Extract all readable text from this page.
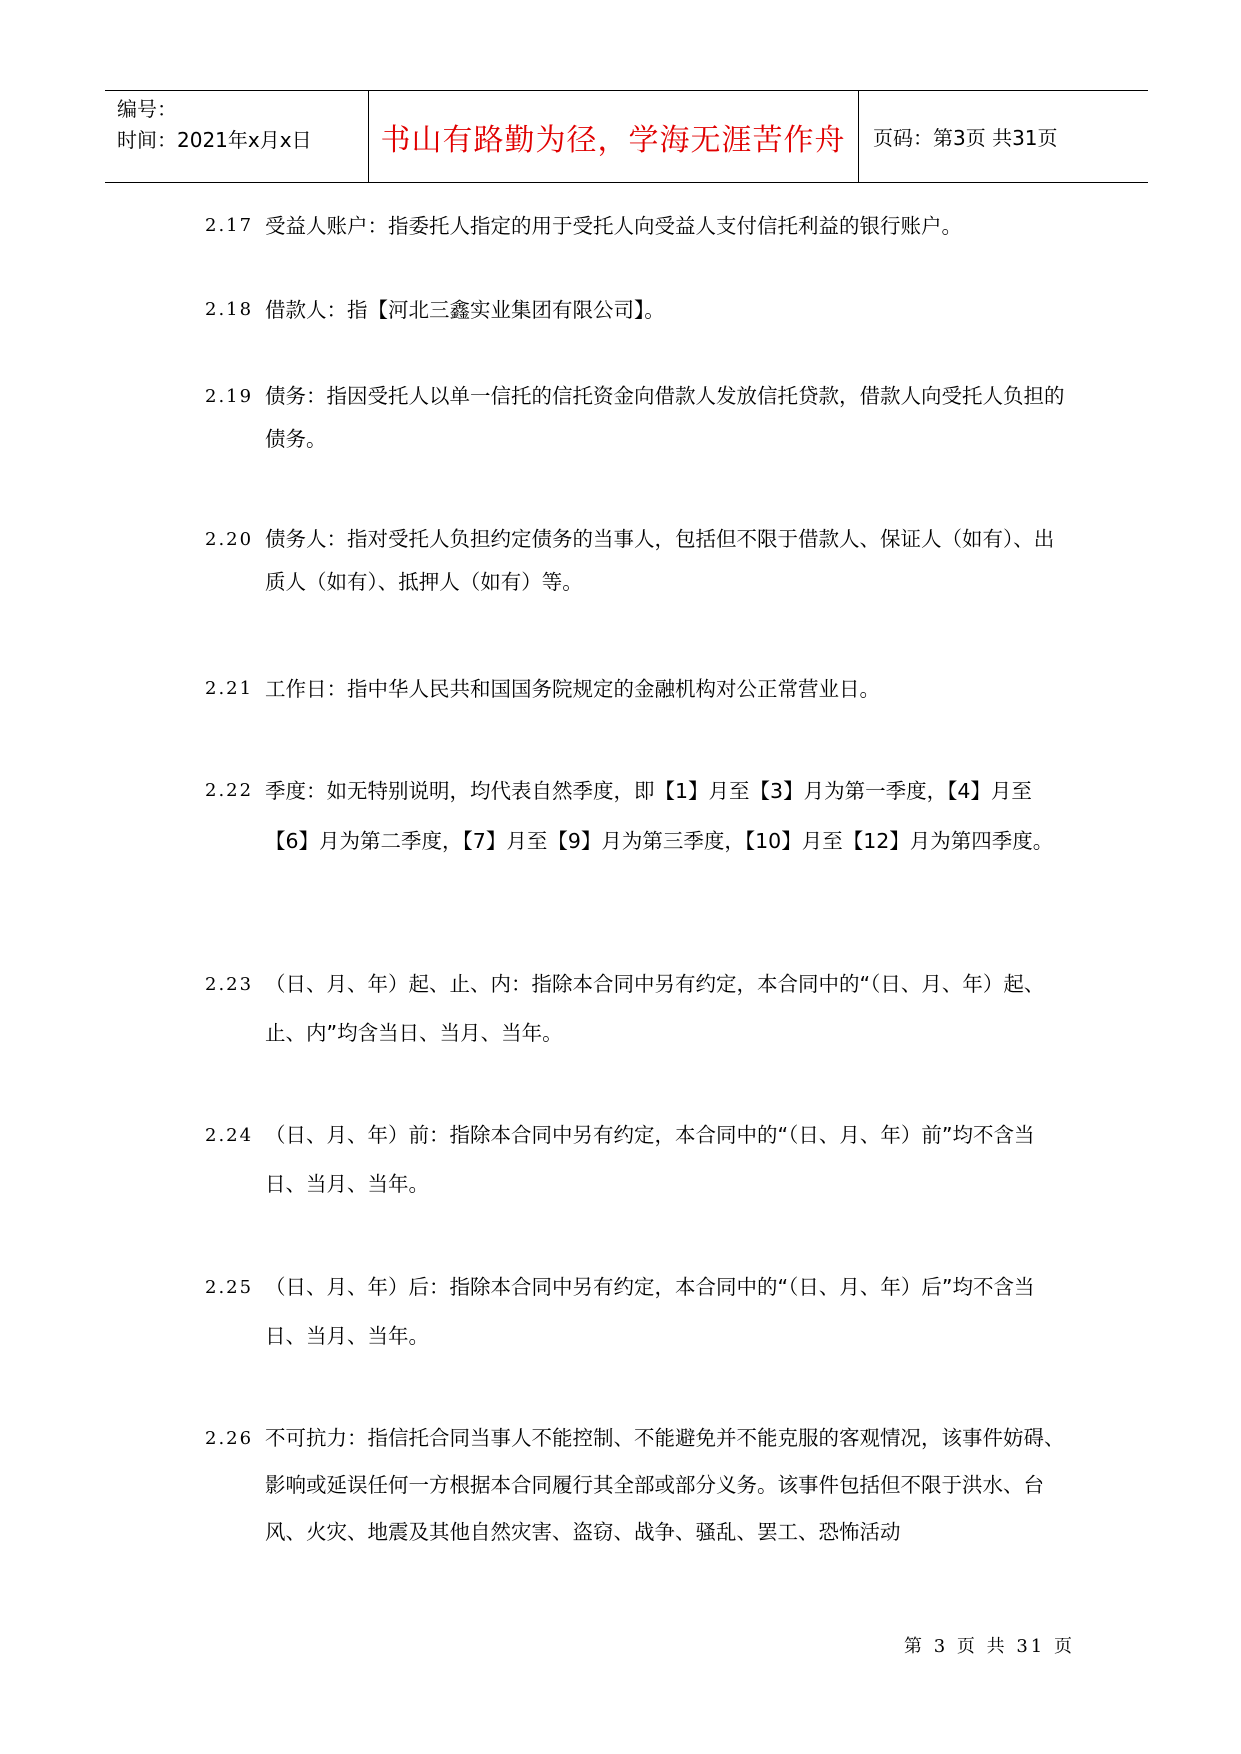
编号：
时间：2021年x月x日	书山有路勤为径，学海无涯苦作舟	页码：第3页 共31页
2.17 受益人账户：指委托人指定的用于受托人向受益人支付信托利益的银行账户。
2.18 借款人：指【河北三鑫实业集团有限公司】。
2.19 债务：指因受托人以单一信托的信托资金向借款人发放信托贷款，借款人向受托人负担的债务。
2.20 债务人：指对受托人负担约定债务的当事人，包括但不限于借款人、保证人（如有）、出质人（如有）、抵押人（如有）等。
2.21 工作日：指中华人民共和国国务院规定的金融机构对公正常营业日。
2.22 季度：如无特别说明，均代表自然季度，即【1】月至【3】月为第一季度，【4】月至【6】月为第二季度，【7】月至【9】月为第三季度，【10】月至【12】月为第四季度。
2.23 （日、月、年）起、止、内：指除本合同中另有约定，本合同中的“（日、月、年）起、止、内”均含当日、当月、当年。
2.24 （日、月、年）前：指除本合同中另有约定，本合同中的“（日、月、年）前”均不含当日、当月、当年。
2.25 （日、月、年）后：指除本合同中另有约定，本合同中的“（日、月、年）后”均不含当日、当月、当年。
2.26 不可抗力：指信托合同当事人不能控制、不能避免并不能克服的客观情况，该事件妨碍、影响或延误任何一方根据本合同履行其全部或部分义务。该事件包括但不限于洪水、台风、火灾、地震及其他自然灾害、盗窃、战争、骚乱、罢工、恐怖活动
第 3 页 共 31 页
